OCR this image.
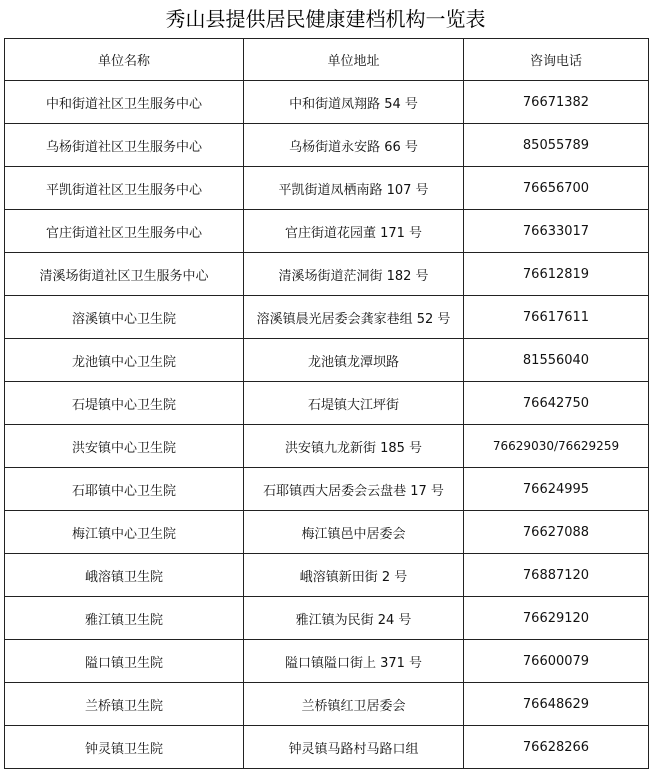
秀山县提供居民健康建档机构一览表
单位名称	单位地址	咨询电话
中和街道社区卫生服务中心	中和街道凤翔路 54 号	76671382
乌杨街道社区卫生服务中心	乌杨街道永安路 66 号	85055789
平凯街道社区卫生服务中心	平凯街道凤栖南路 107 号	76656700
官庄街道社区卫生服务中心	官庄街道花园董 171 号	76633017
清溪场街道社区卫生服务中心	清溪场街道茫洞街 182 号	76612819
溶溪镇中心卫生院	溶溪镇晨光居委会龚家巷组 52 号	76617611
龙池镇中心卫生院	龙池镇龙潭坝路	81556040
石堤镇中心卫生院	石堤镇大江坪街	76642750
洪安镇中心卫生院	洪安镇九龙新街 185 号	76629030/76629259
石耶镇中心卫生院	石耶镇西大居委会云盘巷 17 号	76624995
梅江镇中心卫生院	梅江镇邑中居委会	76627088
峨溶镇卫生院	峨溶镇新田街 2 号	76887120
雅江镇卫生院	雅江镇为民街 24 号	76629120
隘口镇卫生院	隘口镇隘口街上 371 号	76600079
兰桥镇卫生院	兰桥镇红卫居委会	76648629
钟灵镇卫生院	钟灵镇马路村马路口组	76628266
